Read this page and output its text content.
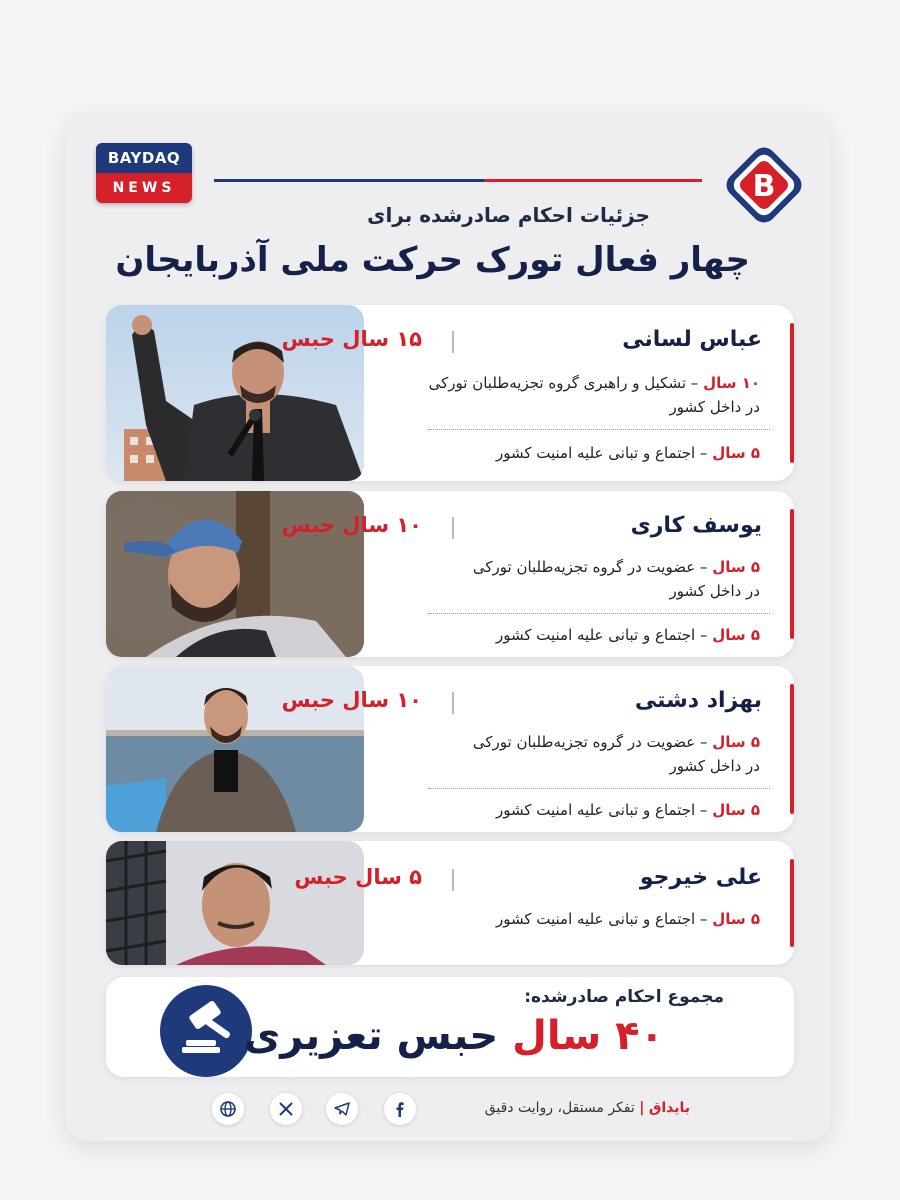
BAYDAQ
NEWS	B
جزئیات احکام صادرشده برای
چهار فعال تورک حرکت ملی آذربایجان
عباس لسانی
۱۵ سال حبس
۱۰ سال – تشکیل و راهبری گروه تجزیه‌طلبان تورکی
در داخل کشور
۵ سال – اجتماع و تبانی علیه امنیت کشور
یوسف کاری
۱۰ سال حبس
۵ سال – عضویت در گروه تجزیه‌طلبان تورکی
در داخل کشور
۵ سال – اجتماع و تبانی علیه امنیت کشور
بهزاد دشتی
۱۰ سال حبس
۵ سال – عضویت در گروه تجزیه‌طلبان تورکی
در داخل کشور
۵ سال – اجتماع و تبانی علیه امنیت کشور
علی خیرجو
۵ سال حبس
۵ سال – اجتماع و تبانی علیه امنیت کشور
مجموع احکام صادرشده:
۴۰ سال حبس تعزیری
بایداق | تفکر مستقل، روایت دقیق
